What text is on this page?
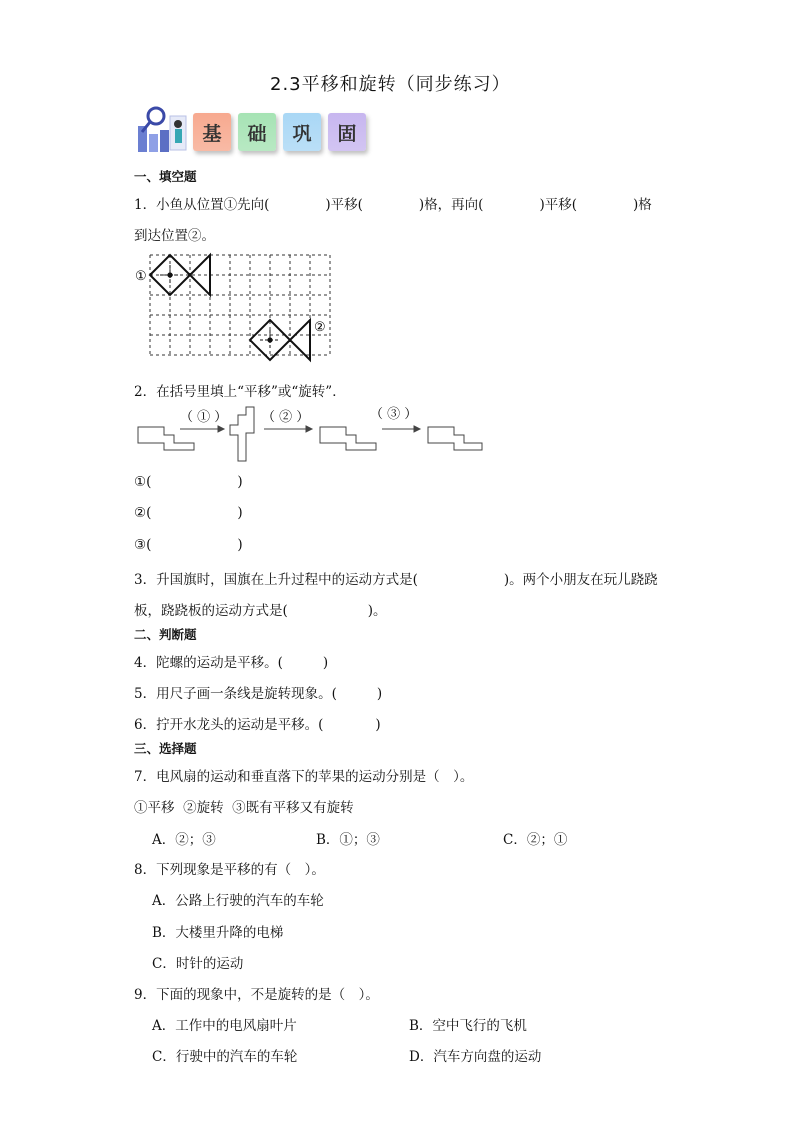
2.3平移和旋转（同步练习）
基 础 巩 固
一、填空题
1．小鱼从位置①先向(	)平移(	)格，再向(	)平移(	)格
到达位置②。
①
②
2．在括号里填上“平移”或“旋转”．
（ ① ）	（ ② ）	（ ③ ）
①(	)
②(	)
③(	)
3．升国旗时，国旗在上升过程中的运动方式是(	)。两个小朋友在玩儿跷跷
板，跷跷板的运动方式是(	)。
二、判断题
4．陀螺的运动是平移。(	)
5．用尺子画一条线是旋转现象。(	)
6．拧开水龙头的运动是平移。(	)
三、选择题
7．电风扇的运动和垂直落下的苹果的运动分别是（　）。
①平移  ②旋转  ③既有平移又有旋转
A．②；③	B．①；③	C．②；①
8．下列现象是平移的有（　）。
A．公路上行驶的汽车的车轮
B．大楼里升降的电梯
C．时针的运动
9．下面的现象中，不是旋转的是（　）。
A．工作中的电风扇叶片	B．空中飞行的飞机
C．行驶中的汽车的车轮	D．汽车方向盘的运动
